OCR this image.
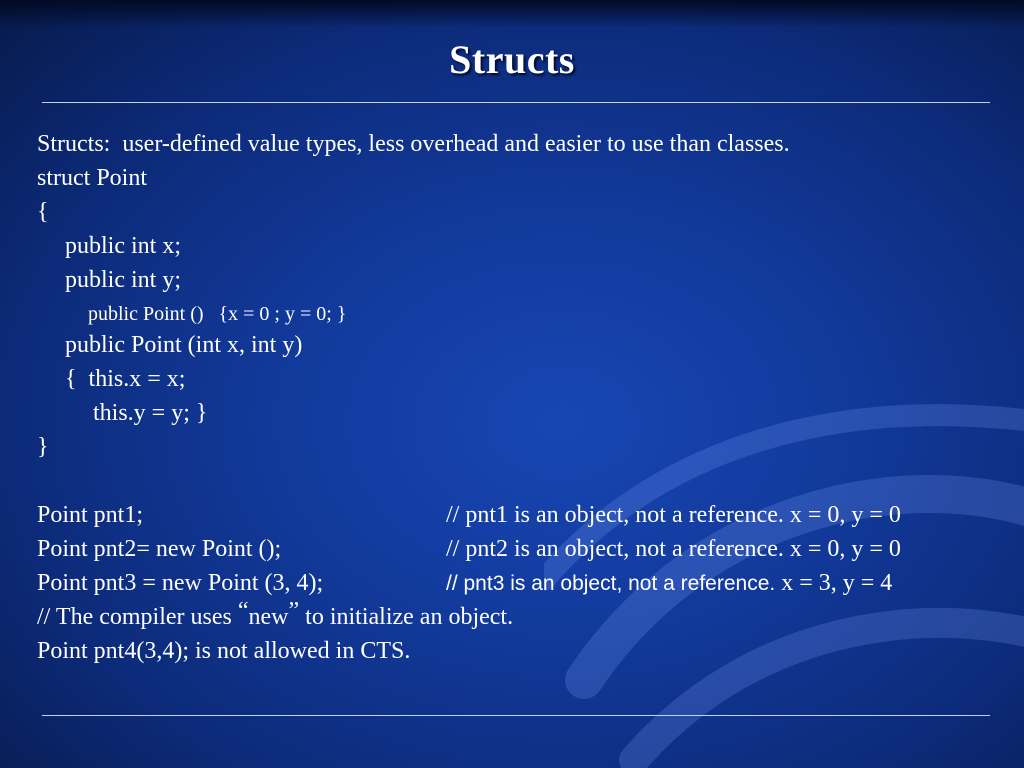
Structs
Structs:  user-defined value types, less overhead and easier to use than classes.
struct Point
{
public int x;
public int y;
public Point ()   {x = 0 ; y = 0; }
public Point (int x, int y)
{  this.x = x;
this.y = y; }
}
Point pnt1;	// pnt1 is an object, not a reference. x = 0, y = 0
Point pnt2= new Point ();	// pnt2 is an object, not a reference. x = 0, y = 0
Point pnt3 = new Point (3, 4);	// pnt3 is an object, not a reference. x = 3, y = 4
// The compiler uses “new” to initialize an object.
Point pnt4(3,4); is not allowed in CTS.
